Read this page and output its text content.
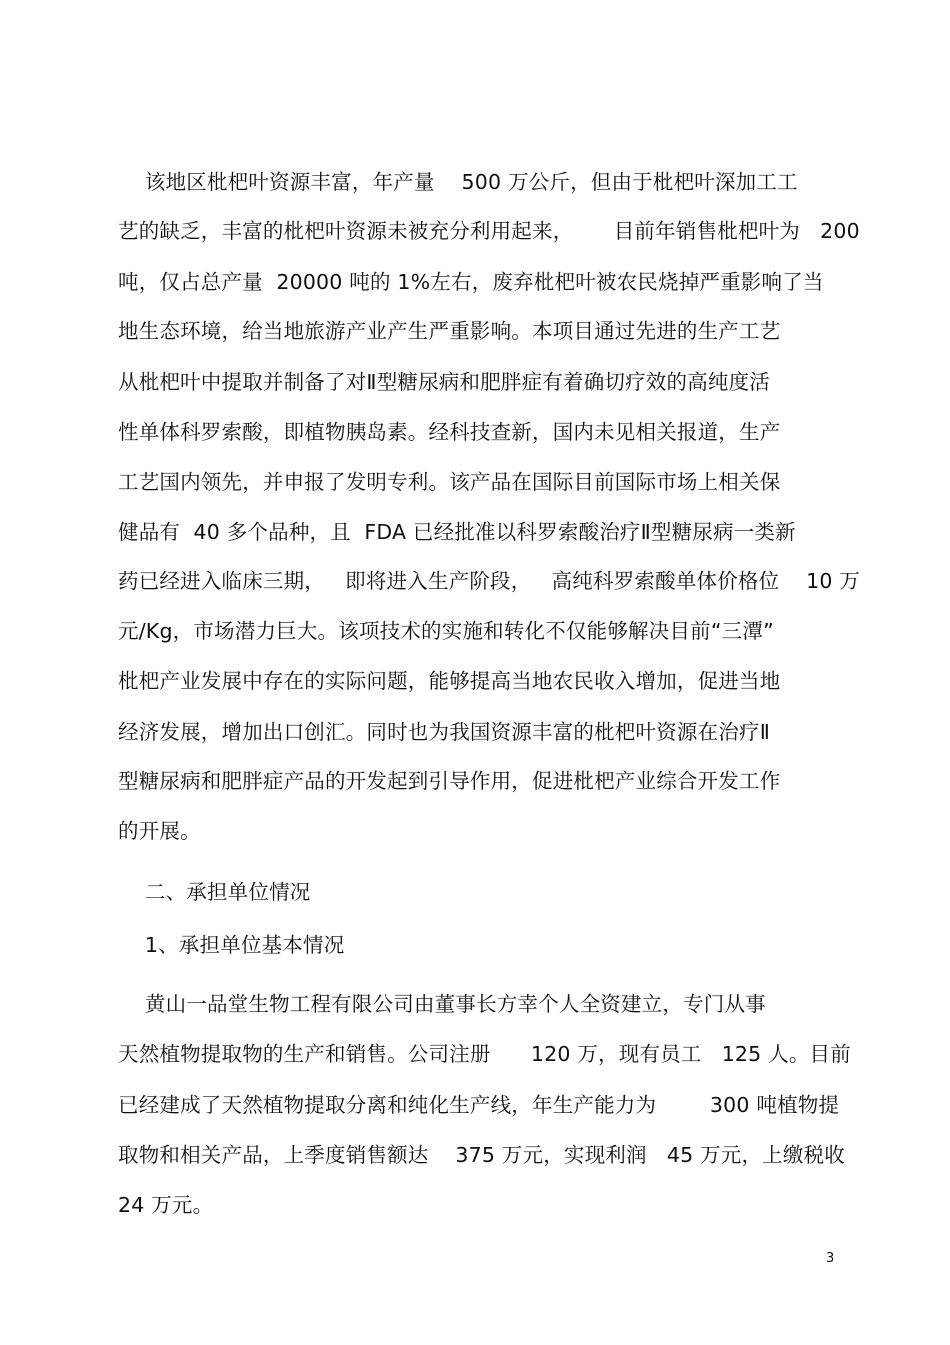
该地区枇杷叶资源丰富，年产量    500 万公斤，但由于枇杷叶深加工工
艺的缺乏，丰富的枇杷叶资源未被充分利用起来，      目前年销售枇杷叶为   200
吨，仅占总产量  20000 吨的 1%左右，废弃枇杷叶被农民烧掉严重影响了当
地生态环境，给当地旅游产业产生严重影响。本项目通过先进的生产工艺
从枇杷叶中提取并制备了对Ⅱ型糖尿病和肥胖症有着确切疗效的高纯度活
性单体科罗索酸，即植物胰岛素。经科技查新，国内未见相关报道，生产
工艺国内领先，并申报了发明专利。该产品在国际目前国际市场上相关保
健品有  40 多个品种，且  FDA 已经批准以科罗索酸治疗Ⅱ型糖尿病一类新
药已经进入临床三期，   即将进入生产阶段，   高纯科罗索酸单体价格位    10 万
元/Kg，市场潜力巨大。该项技术的实施和转化不仅能够解决目前“三潭”
枇杷产业发展中存在的实际问题，能够提高当地农民收入增加，促进当地
经济发展，增加出口创汇。同时也为我国资源丰富的枇杷叶资源在治疗Ⅱ
型糖尿病和肥胖症产品的开发起到引导作用，促进枇杷产业综合开发工作
的开展。
二、承担单位情况
1、承担单位基本情况
黄山一品堂生物工程有限公司由董事长方幸个人全资建立，专门从事
天然植物提取物的生产和销售。公司注册      120 万，现有员工   125 人。目前
已经建成了天然植物提取分离和纯化生产线，年生产能力为        300 吨植物提
取物和相关产品，上季度销售额达    375 万元，实现利润   45 万元，上缴税收
24 万元。
3
